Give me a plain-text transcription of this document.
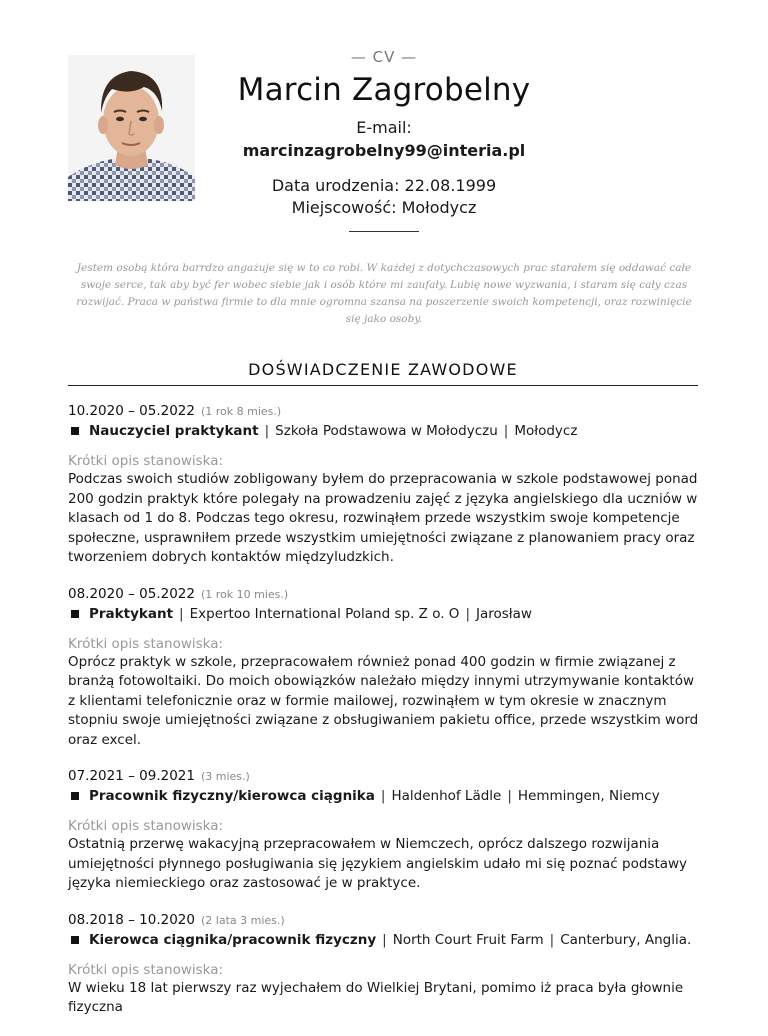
— CV —
Marcin Zagrobelny
E-mail:
marcinzagrobelny99@interia.pl
Data urodzenia: 22.08.1999
Miejscowość: Mołodycz
Jestem osobą która barrdzo angażuje się w to co robi. W każdej z dotychczasowych prac starałem się oddawać całe swoje serce, tak aby być fer wobec siebie jak i osób które mi zaufały. Lubię nowe wyzwania, i staram się cały czas rozwijać. Praca w państwa firmie to dla mnie ogromna szansa na poszerzenie swoich kompetencji, oraz rozwinięcie się jako osoby.
DOŚWIADCZENIE ZAWODOWE
10.2020 – 05.2022 (1 rok 8 mies.)
Nauczyciel praktykant | Szkoła Podstawowa w Mołodyczu | Mołodycz
Krótki opis stanowiska:
Podczas swoich studiów zobligowany byłem do przepracowania w szkole podstawowej ponad 200 godzin praktyk które polegały na prowadzeniu zajęć z języka angielskiego dla uczniów w klasach od 1 do 8. Podczas tego okresu, rozwinąłem przede wszystkim swoje kompetencje społeczne, usprawniłem przede wszystkim umiejętności związane z planowaniem pracy oraz tworzeniem dobrych kontaktów międzyludzkich.
08.2020 – 05.2022 (1 rok 10 mies.)
Praktykant | Expertoo International Poland sp. Z o. O | Jarosław
Krótki opis stanowiska:
Oprócz praktyk w szkole, przepracowałem również ponad 400 godzin w firmie związanej z branżą fotowoltaiki. Do moich obowiązków należało między innymi utrzymywanie kontaktów z klientami telefonicznie oraz w formie mailowej, rozwinąłem w tym okresie w znacznym stopniu swoje umiejętności związane z obsługiwaniem pakietu office, przede wszystkim word oraz excel.
07.2021 – 09.2021 (3 mies.)
Pracownik fizyczny/kierowca ciągnika | Haldenhof Lädle | Hemmingen, Niemcy
Krótki opis stanowiska:
Ostatnią przerwę wakacyjną przepracowałem w Niemczech, oprócz dalszego rozwijania umiejętności płynnego posługiwania się językiem angielskim udało mi się poznać podstawy języka niemieckiego oraz zastosować je w praktyce.
08.2018 – 10.2020 (2 lata 3 mies.)
Kierowca ciągnika/pracownik fizyczny | North Court Fruit Farm | Canterbury, Anglia.
Krótki opis stanowiska:
W wieku 18 lat pierwszy raz wyjechałem do Wielkiej Brytani, pomimo iż praca była głownie fizyczna
